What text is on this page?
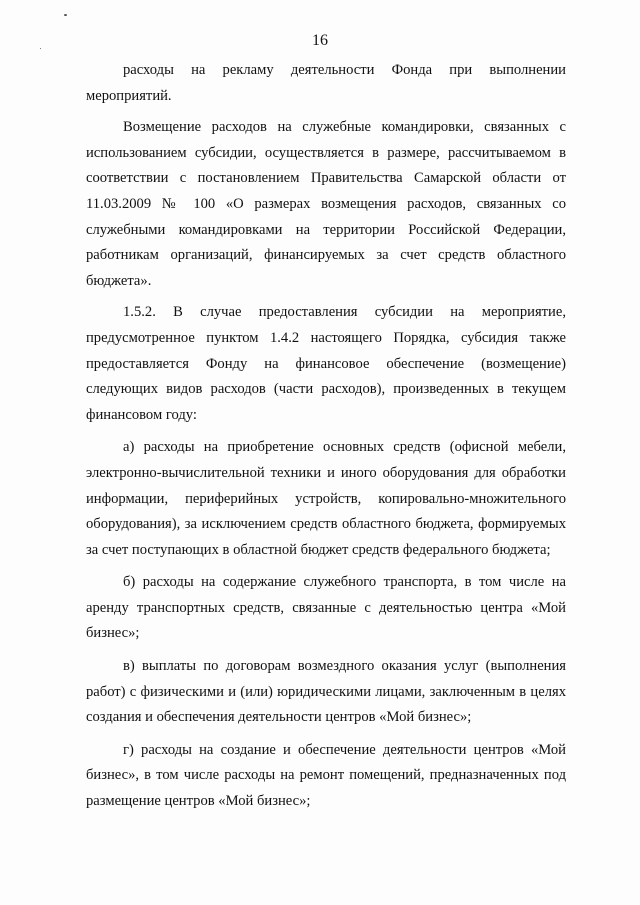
16

расходы на рекламу деятельности Фонда при выполнении мероприятий.

Возмещение расходов на служебные командировки, связанных с использованием субсидии, осуществляется в размере, рассчитываемом в соответствии с постановлением Правительства Самарской области от 11.03.2009 № 100 «О размерах возмещения расходов, связанных со служебными командировками на территории Российской Федерации, работникам организаций, финансируемых за счет средств областного бюджета».

1.5.2. В случае предоставления субсидии на мероприятие, предусмотренное пунктом 1.4.2 настоящего Порядка, субсидия также предоставляется Фонду на финансовое обеспечение (возмещение) следующих видов расходов (части расходов), произведенных в текущем финансовом году:

а) расходы на приобретение основных средств (офисной мебели, электронно-вычислительной техники и иного оборудования для обработки информации, периферийных устройств, копировально-множительного оборудования), за исключением средств областного бюджета, формируемых за счет поступающих в областной бюджет средств федерального бюджета;

б) расходы на содержание служебного транспорта, в том числе на аренду транспортных средств, связанные с деятельностью центра «Мой бизнес»;

в) выплаты по договорам возмездного оказания услуг (выполнения работ) с физическими и (или) юридическими лицами, заключенным в целях создания и обеспечения деятельности центров «Мой бизнес»;

г) расходы на создание и обеспечение деятельности центров «Мой бизнес», в том числе расходы на ремонт помещений, предназначенных под размещение центров «Мой бизнес»;
